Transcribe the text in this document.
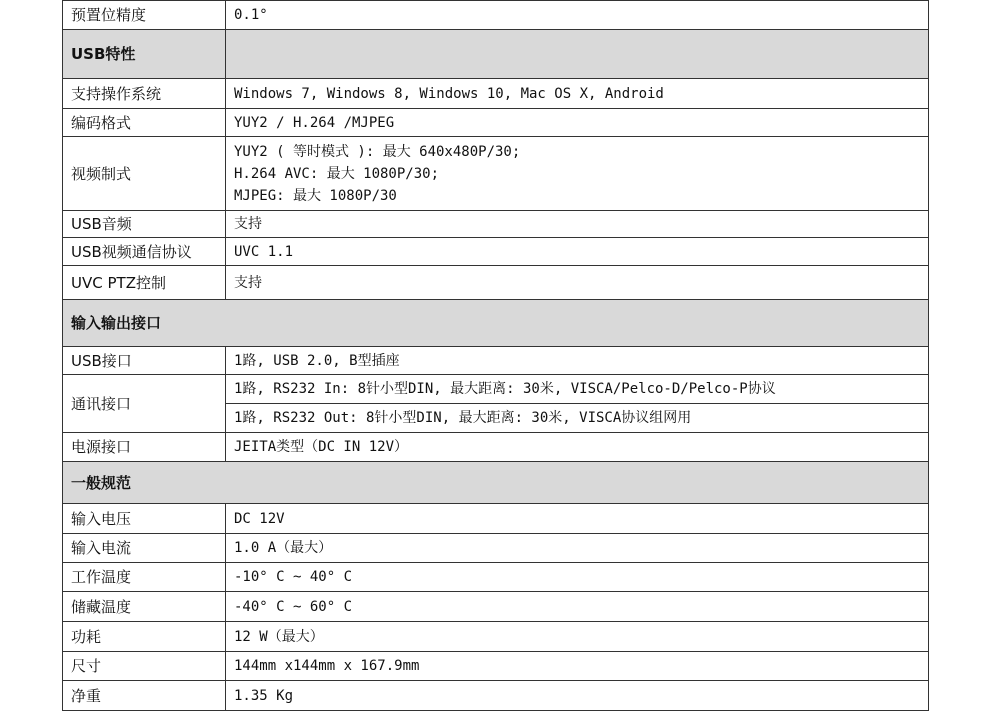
预置位精度	0.1°
USB特性	
支持操作系统	Windows 7, Windows 8, Windows 10, Mac OS X, Android
编码格式	YUY2 / H.264 /MJPEG
视频制式	YUY2 ( 等时模式 ): 最大 640x480P/30;
H.264 AVC: 最大 1080P/30;
MJPEG: 最大 1080P/30

USB音频	支持
USB视频通信协议	UVC 1.1
UVC PTZ控制	支持
输入输出接口	
USB接口	1路, USB 2.0, B型插座
通讯接口	1路, RS232 In: 8针小型DIN, 最大距离: 30米, VISCA/Pelco-D/Pelco-P协议
	1路, RS232 Out: 8针小型DIN, 最大距离: 30米, VISCA协议组网用
电源接口	JEITA类型（DC IN 12V）
一般规范	
输入电压	DC 12V
输入电流	1.0 A（最大）
工作温度	-10° C ~ 40° C
储藏温度	-40° C ~ 60° C
功耗	12 W（最大）
尺寸	144mm x144mm x 167.9mm
净重	1.35 Kg
